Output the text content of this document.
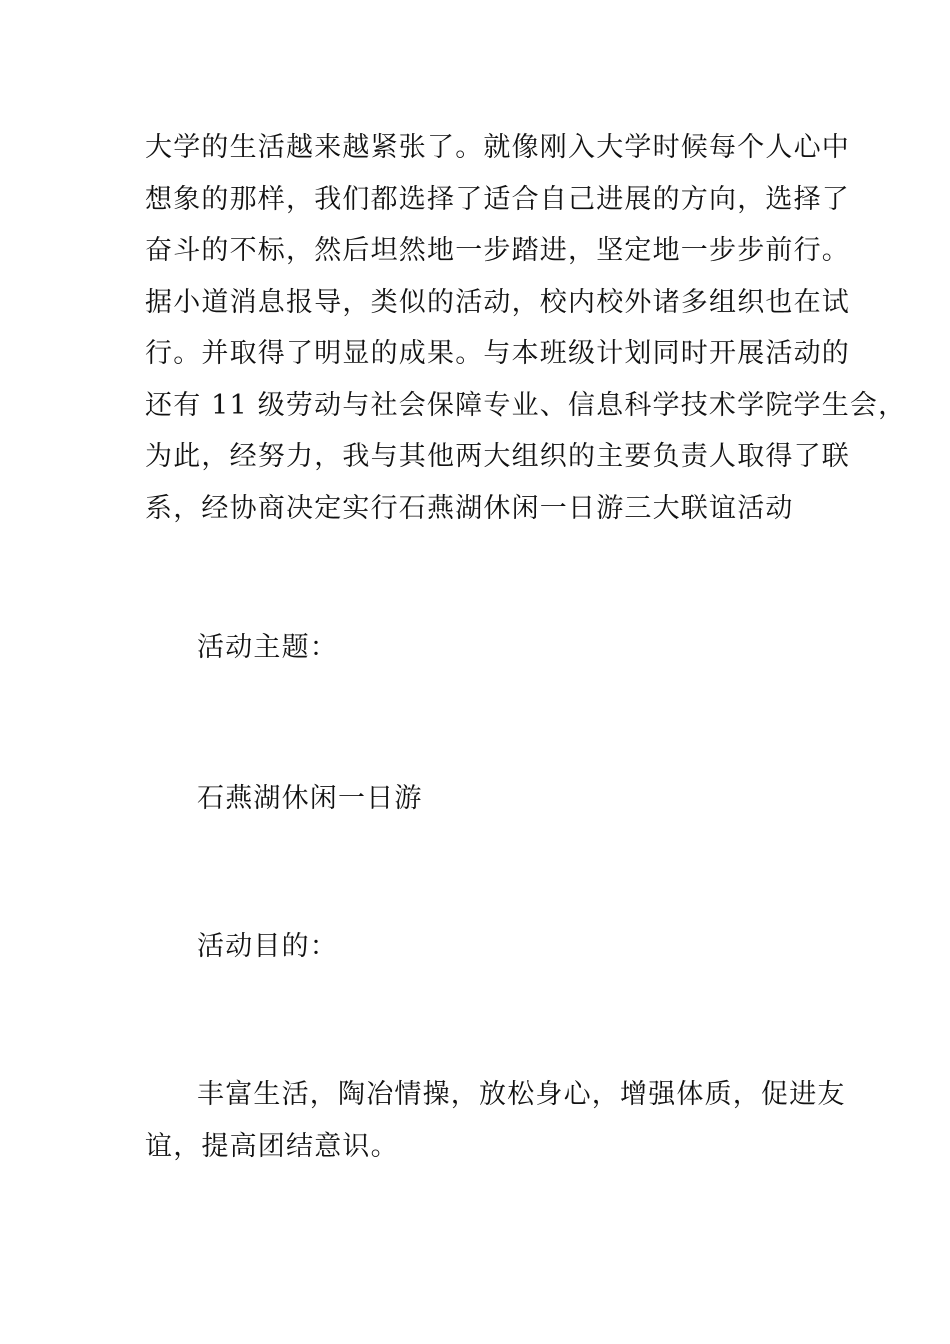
大学的生活越来越紧张了。就像刚入大学时候每个人心中
想象的那样，我们都选择了适合自己进展的方向，选择了
奋斗的不标，然后坦然地一步踏进，坚定地一步步前行。
据小道消息报导，类似的活动，校内校外诸多组织也在试
行。并取得了明显的成果。与本班级计划同时开展活动的
还有 11 级劳动与社会保障专业、信息科学技术学院学生会，
为此，经努力，我与其他两大组织的主要负责人取得了联
系，经协商决定实行石燕湖休闲一日游三大联谊活动

活动主题：

石燕湖休闲一日游

活动目的：

丰富生活，陶冶情操，放松身心，增强体质，促进友
谊，提高团结意识。
